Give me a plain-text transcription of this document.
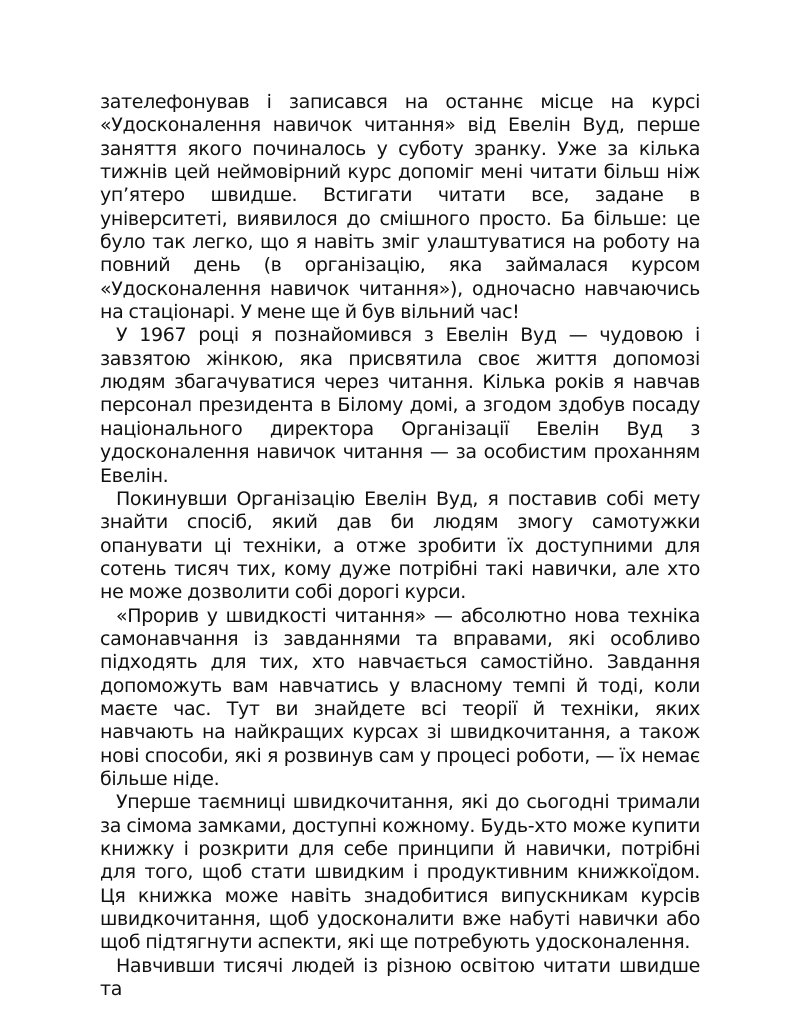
зателефонував і записався на останнє місце на курсі «Удосконалення навичок читання» від Евелін Вуд, перше заняття якого починалось у суботу зранку. Уже за кілька тижнів цей неймовірний курс допоміг мені читати більш ніж уп’ятеро швидше. Встигати читати все, задане в університеті, виявилося до смішного просто. Ба більше: це було так легко, що я навіть зміг улаштуватися на роботу на повний день (в організацію, яка займалася курсом «Удосконалення навичок читання»), одночасно навчаючись на стаціонарі. У мене ще й був вільний час!

У 1967 році я познайомився з Евелін Вуд — чудовою і завзятою жінкою, яка присвятила своє життя допомозі людям збагачуватися через читання. Кілька років я навчав персонал президента в Білому домі, а згодом здобув посаду національного директора Організації Евелін Вуд з удосконалення навичок читання — за особистим проханням Евелін.

Покинувши Організацію Евелін Вуд, я поставив собі мету знайти спосіб, який дав би людям змогу самотужки опанувати ці техніки, а отже зробити їх доступними для сотень тисяч тих, кому дуже потрібні такі навички, але хто не може дозволити собі дорогі курси.

«Прорив у швидкості читання» — абсолютно нова техніка самонавчання із завданнями та вправами, які особливо підходять для тих, хто навчається самостійно. Завдання допоможуть вам навчатись у власному темпі й тоді, коли маєте час. Тут ви знайдете всі теорії й техніки, яких навчають на найкращих курсах зі швидкочитання, а також нові способи, які я розвинув сам у процесі роботи, — їх немає більше ніде.

Уперше таємниці швидкочитання, які до сьогодні тримали за сімома замками, доступні кожному. Будь-хто може купити книжку і розкрити для себе принципи й навички, потрібні для того, щоб стати швидким і продуктивним книжкоїдом. Ця книжка може навіть знадобитися випускникам курсів швидкочитання, щоб удосконалити вже набуті навички або щоб підтягнути аспекти, які ще потребують удосконалення.

Навчивши тисячі людей із різною освітою читати швидше та
